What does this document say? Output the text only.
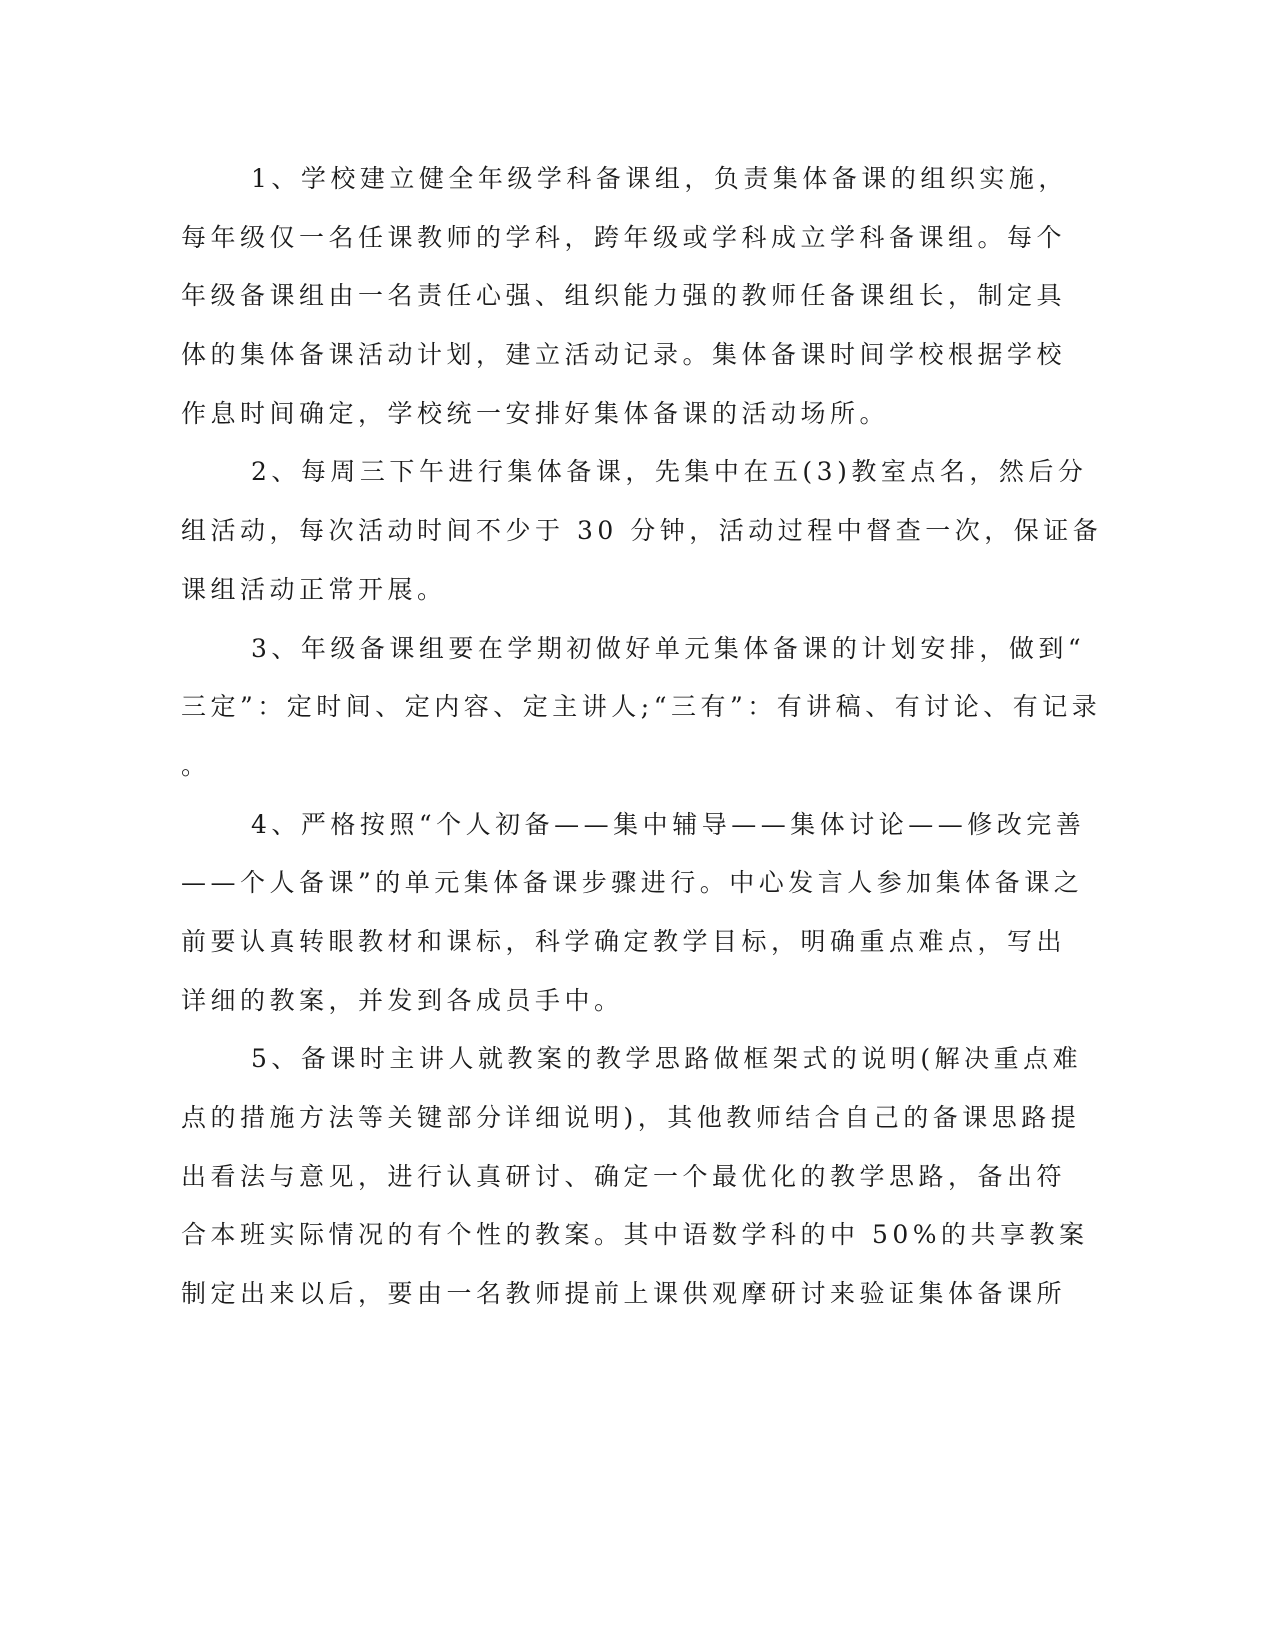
1、学校建立健全年级学科备课组，负责集体备课的组织实施，
每年级仅一名任课教师的学科，跨年级或学科成立学科备课组。每个
年级备课组由一名责任心强、组织能力强的教师任备课组长，制定具
体的集体备课活动计划，建立活动记录。集体备课时间学校根据学校
作息时间确定，学校统一安排好集体备课的活动场所。
2、每周三下午进行集体备课，先集中在五(3)教室点名，然后分
组活动，每次活动时间不少于 30 分钟，活动过程中督查一次，保证备
课组活动正常开展。
3、年级备课组要在学期初做好单元集体备课的计划安排，做到“
三定”：定时间、定内容、定主讲人;“三有”：有讲稿、有讨论、有记录
。
4、严格按照“个人初备——集中辅导——集体讨论——修改完善
——个人备课”的单元集体备课步骤进行。中心发言人参加集体备课之
前要认真转眼教材和课标，科学确定教学目标，明确重点难点，写出
详细的教案，并发到各成员手中。
5、备课时主讲人就教案的教学思路做框架式的说明(解决重点难
点的措施方法等关键部分详细说明)，其他教师结合自己的备课思路提
出看法与意见，进行认真研讨、确定一个最优化的教学思路，备出符
合本班实际情况的有个性的教案。其中语数学科的中 50%的共享教案
制定出来以后，要由一名教师提前上课供观摩研讨来验证集体备课所
